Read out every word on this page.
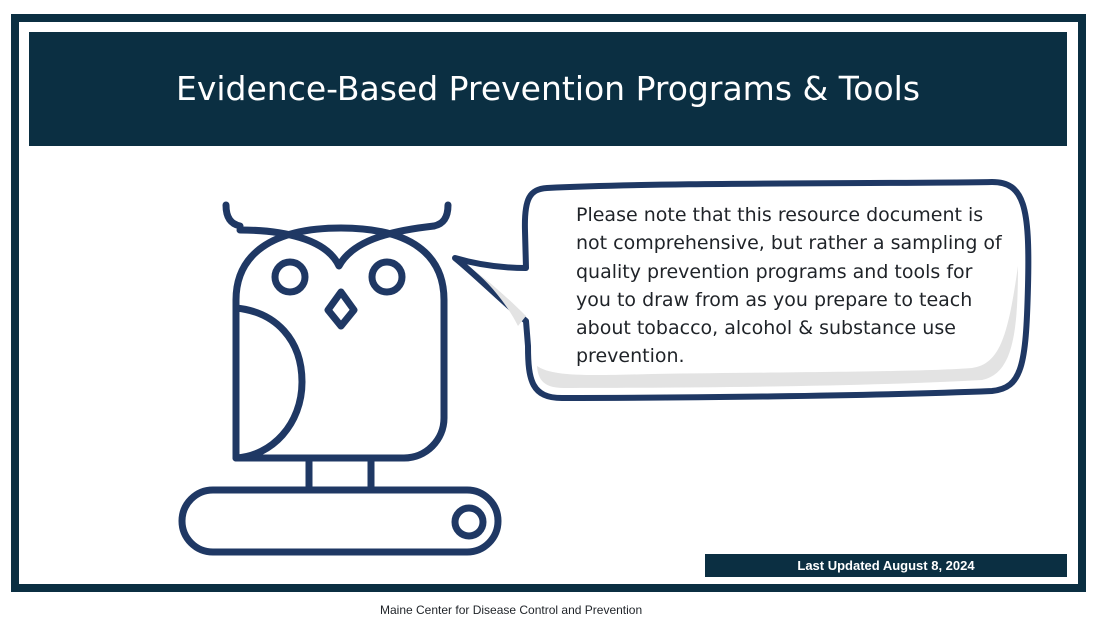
Evidence-Based Prevention Programs & Tools

Please note that this resource document is not comprehensive, but rather a sampling of quality prevention programs and tools for you to draw from as you prepare to teach about tobacco, alcohol & substance use prevention.

Last Updated August 8, 2024
Maine Center for Disease Control and Prevention
